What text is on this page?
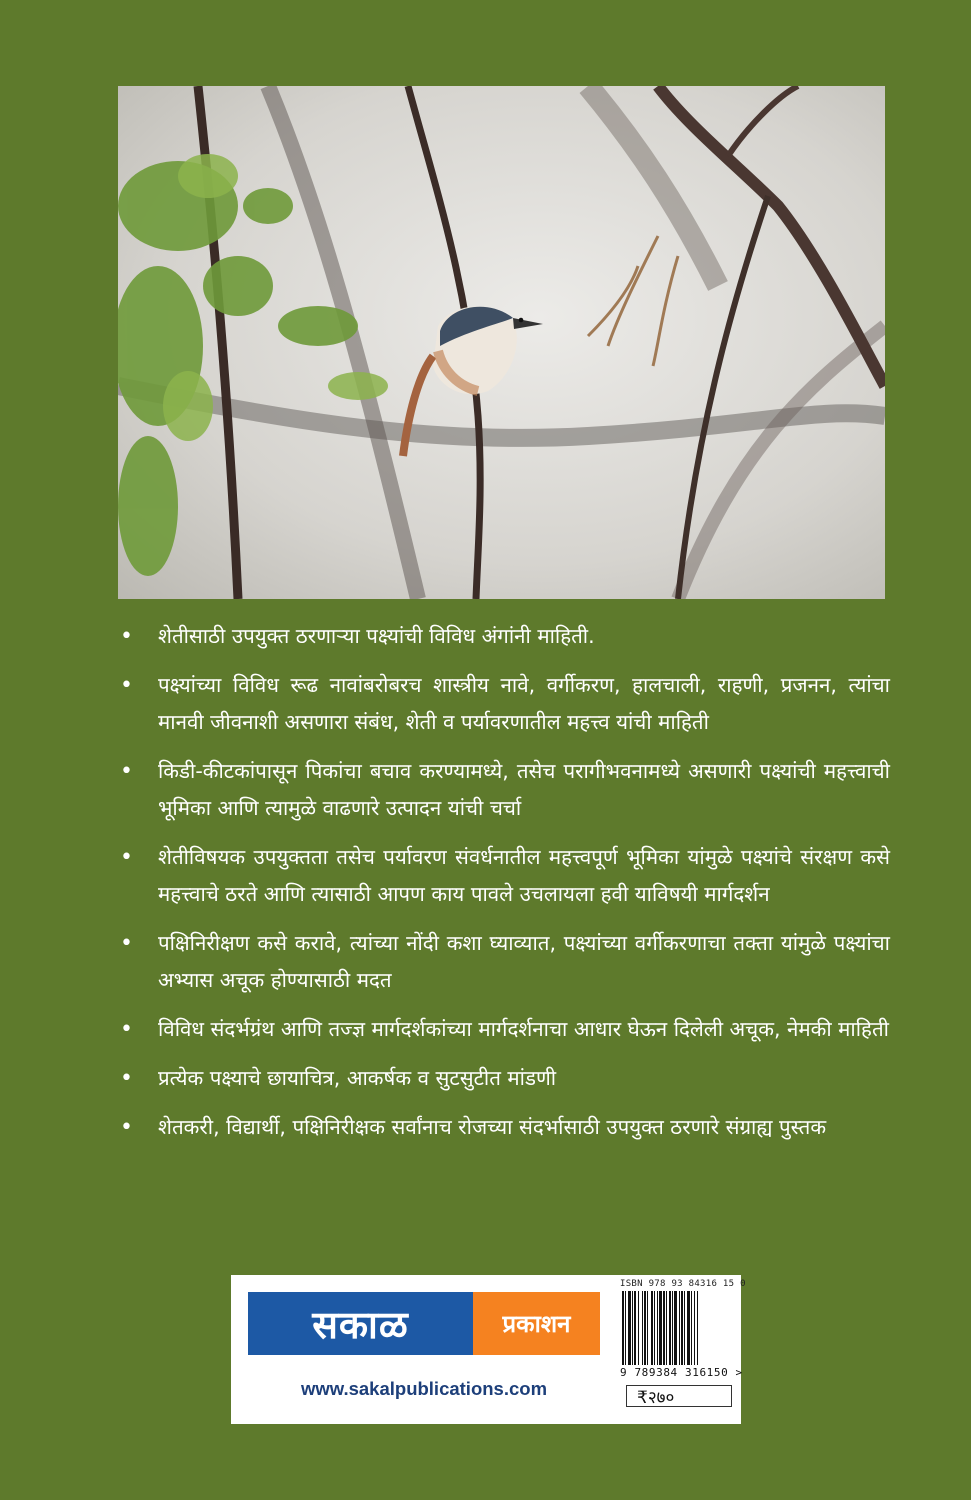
• शेतीसाठी उपयुक्त ठरणाऱ्या पक्ष्यांची विविध अंगांनी माहिती.
• पक्ष्यांच्या विविध रूढ नावांबरोबरच शास्त्रीय नावे, वर्गीकरण, हालचाली, राहणी, प्रजनन, त्यांचा मानवी जीवनाशी असणारा संबंध, शेती व पर्यावरणातील महत्त्व यांची माहिती
• किडी-कीटकांपासून पिकांचा बचाव करण्यामध्ये, तसेच परागीभवनामध्ये असणारी पक्ष्यांची महत्त्वाची भूमिका आणि त्यामुळे वाढणारे उत्पादन यांची चर्चा
• शेतीविषयक उपयुक्तता तसेच पर्यावरण संवर्धनातील महत्त्वपूर्ण भूमिका यांमुळे पक्ष्यांचे संरक्षण कसे महत्त्वाचे ठरते आणि त्यासाठी आपण काय पावले उचलायला हवी याविषयी मार्गदर्शन
• पक्षिनिरीक्षण कसे करावे, त्यांच्या नोंदी कशा घ्याव्यात, पक्ष्यांच्या वर्गीकरणाचा तक्ता यांमुळे पक्ष्यांचा अभ्यास अचूक होण्यासाठी मदत
• विविध संदर्भग्रंथ आणि तज्ज्ञ मार्गदर्शकांच्या मार्गदर्शनाचा आधार घेऊन दिलेली अचूक, नेमकी माहिती
• प्रत्येक पक्ष्याचे छायाचित्र, आकर्षक व सुटसुटीत मांडणी
• शेतकरी, विद्यार्थी, पक्षिनिरीक्षक सर्वांनाच रोजच्या संदर्भासाठी उपयुक्त ठरणारे संग्राह्य पुस्तक
सकाळ	प्रकाशन
www.sakalpublications.com
ISBN 978 93 84316 15 0
9 789384 316150 >
₹२७०
